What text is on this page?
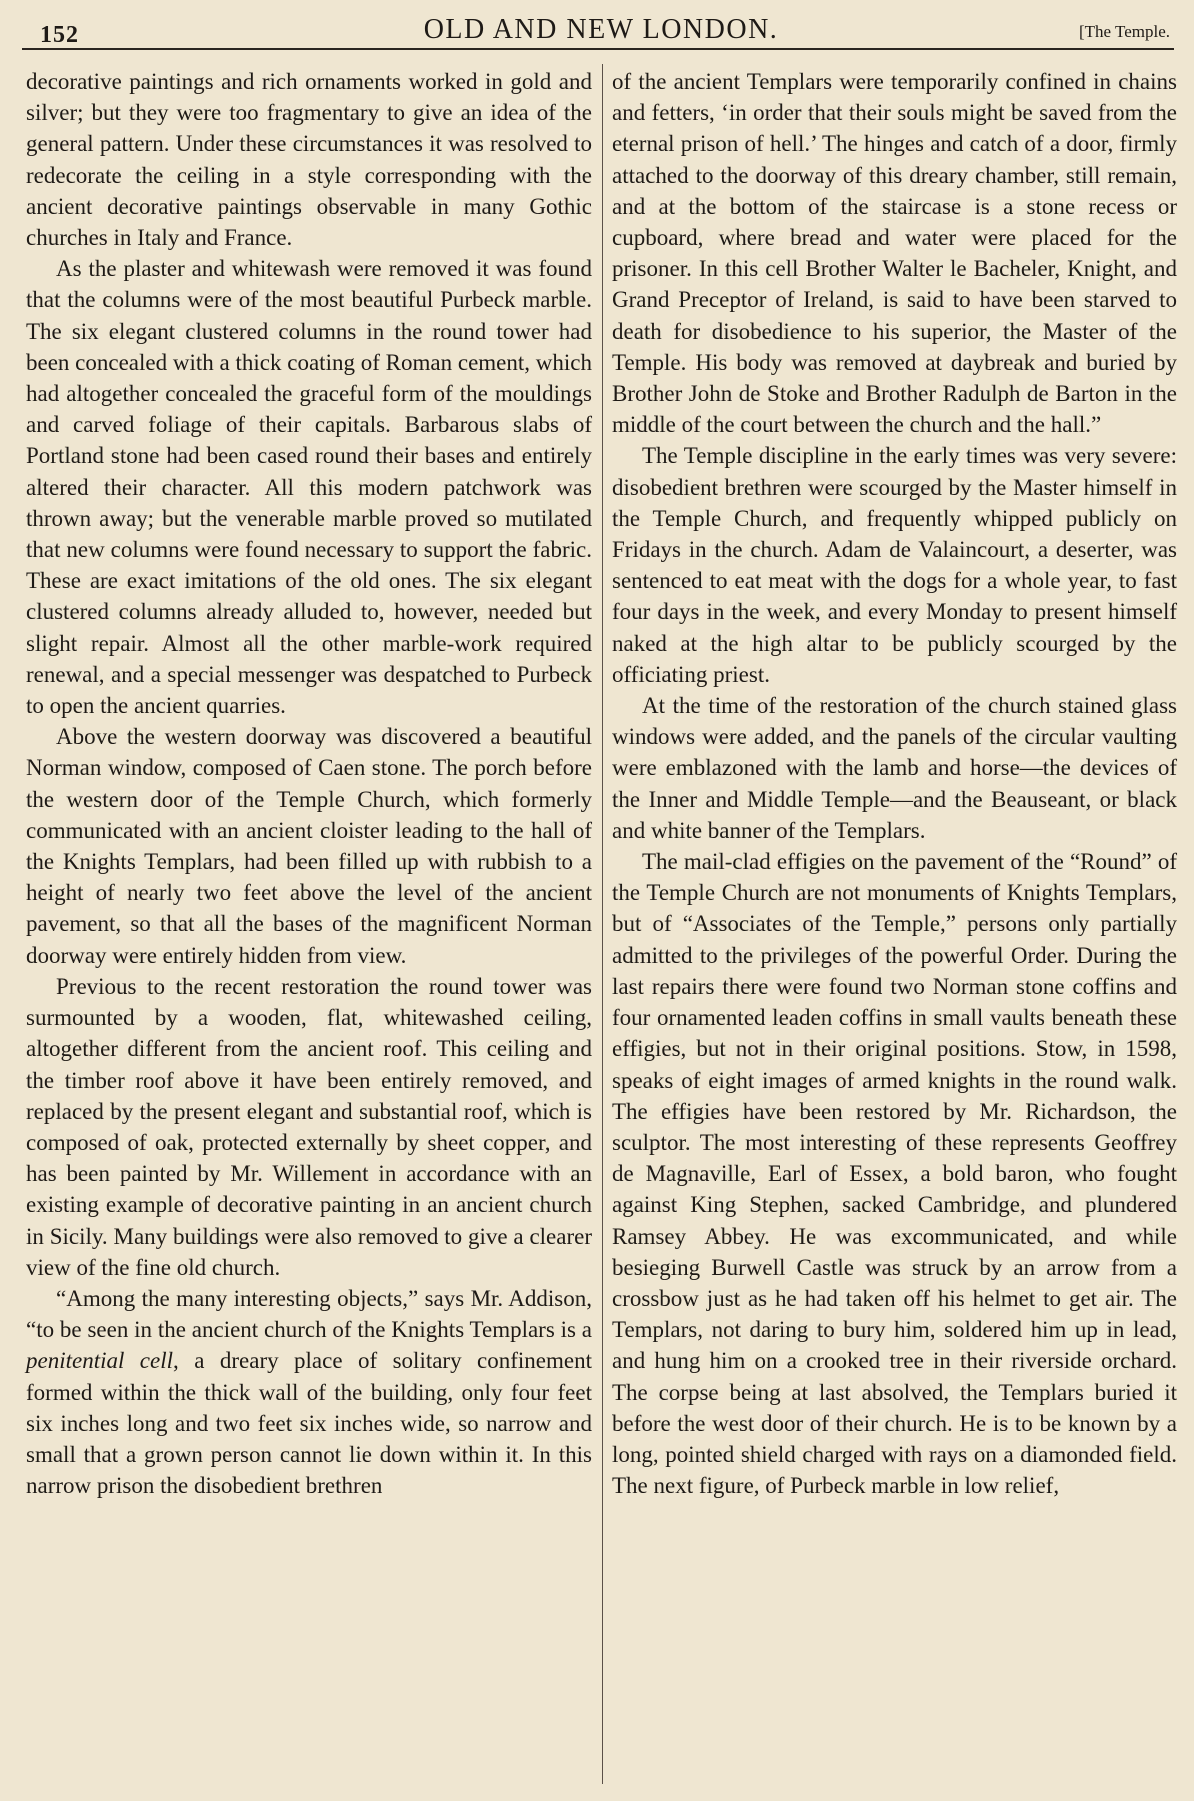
152	OLD AND NEW LONDON.	[The Temple.

decorative paintings and rich ornaments worked in gold and silver; but they were too fragmentary to give an idea of the general pattern. Under these circumstances it was resolved to redecorate the ceiling in a style corresponding with the ancient decorative paintings observable in many Gothic churches in Italy and France.

As the plaster and whitewash were removed it was found that the columns were of the most beautiful Purbeck marble. The six elegant clustered columns in the round tower had been concealed with a thick coating of Roman cement, which had altogether concealed the graceful form of the mouldings and carved foliage of their capitals. Barbarous slabs of Portland stone had been cased round their bases and entirely altered their character. All this modern patchwork was thrown away; but the venerable marble proved so mutilated that new columns were found necessary to support the fabric. These are exact imitations of the old ones. The six elegant clustered columns already alluded to, however, needed but slight repair. Almost all the other marble-work required renewal, and a special messenger was despatched to Purbeck to open the ancient quarries.

Above the western doorway was discovered a beautiful Norman window, composed of Caen stone. The porch before the western door of the Temple Church, which formerly communicated with an ancient cloister leading to the hall of the Knights Templars, had been filled up with rubbish to a height of nearly two feet above the level of the ancient pavement, so that all the bases of the magnificent Norman doorway were entirely hidden from view.

Previous to the recent restoration the round tower was surmounted by a wooden, flat, whitewashed ceiling, altogether different from the ancient roof. This ceiling and the timber roof above it have been entirely removed, and replaced by the present elegant and substantial roof, which is composed of oak, protected externally by sheet copper, and has been painted by Mr. Willement in accordance with an existing example of decorative painting in an ancient church in Sicily. Many buildings were also removed to give a clearer view of the fine old church.

“Among the many interesting objects,” says Mr. Addison, “to be seen in the ancient church of the Knights Templars is a penitential cell, a dreary place of solitary confinement formed within the thick wall of the building, only four feet six inches long and two feet six inches wide, so narrow and small that a grown person cannot lie down within it. In this narrow prison the disobedient brethren

of the ancient Templars were temporarily confined in chains and fetters, ‘in order that their souls might be saved from the eternal prison of hell.’ The hinges and catch of a door, firmly attached to the doorway of this dreary chamber, still remain, and at the bottom of the staircase is a stone recess or cupboard, where bread and water were placed for the prisoner. In this cell Brother Walter le Bacheler, Knight, and Grand Preceptor of Ireland, is said to have been starved to death for disobedience to his superior, the Master of the Temple. His body was removed at daybreak and buried by Brother John de Stoke and Brother Radulph de Barton in the middle of the court between the church and the hall.”

The Temple discipline in the early times was very severe: disobedient brethren were scourged by the Master himself in the Temple Church, and frequently whipped publicly on Fridays in the church. Adam de Valaincourt, a deserter, was sentenced to eat meat with the dogs for a whole year, to fast four days in the week, and every Monday to present himself naked at the high altar to be publicly scourged by the officiating priest.

At the time of the restoration of the church stained glass windows were added, and the panels of the circular vaulting were emblazoned with the lamb and horse—the devices of the Inner and Middle Temple—and the Beauseant, or black and white banner of the Templars.

The mail-clad effigies on the pavement of the “Round” of the Temple Church are not monuments of Knights Templars, but of “Associates of the Temple,” persons only partially admitted to the privileges of the powerful Order. During the last repairs there were found two Norman stone coffins and four ornamented leaden coffins in small vaults beneath these effigies, but not in their original positions. Stow, in 1598, speaks of eight images of armed knights in the round walk. The effigies have been restored by Mr. Richardson, the sculptor. The most interesting of these represents Geoffrey de Magnaville, Earl of Essex, a bold baron, who fought against King Stephen, sacked Cambridge, and plundered Ramsey Abbey. He was excommunicated, and while besieging Burwell Castle was struck by an arrow from a crossbow just as he had taken off his helmet to get air. The Templars, not daring to bury him, soldered him up in lead, and hung him on a crooked tree in their riverside orchard. The corpse being at last absolved, the Templars buried it before the west door of their church. He is to be known by a long, pointed shield charged with rays on a diamonded field. The next figure, of Purbeck marble in low relief,
